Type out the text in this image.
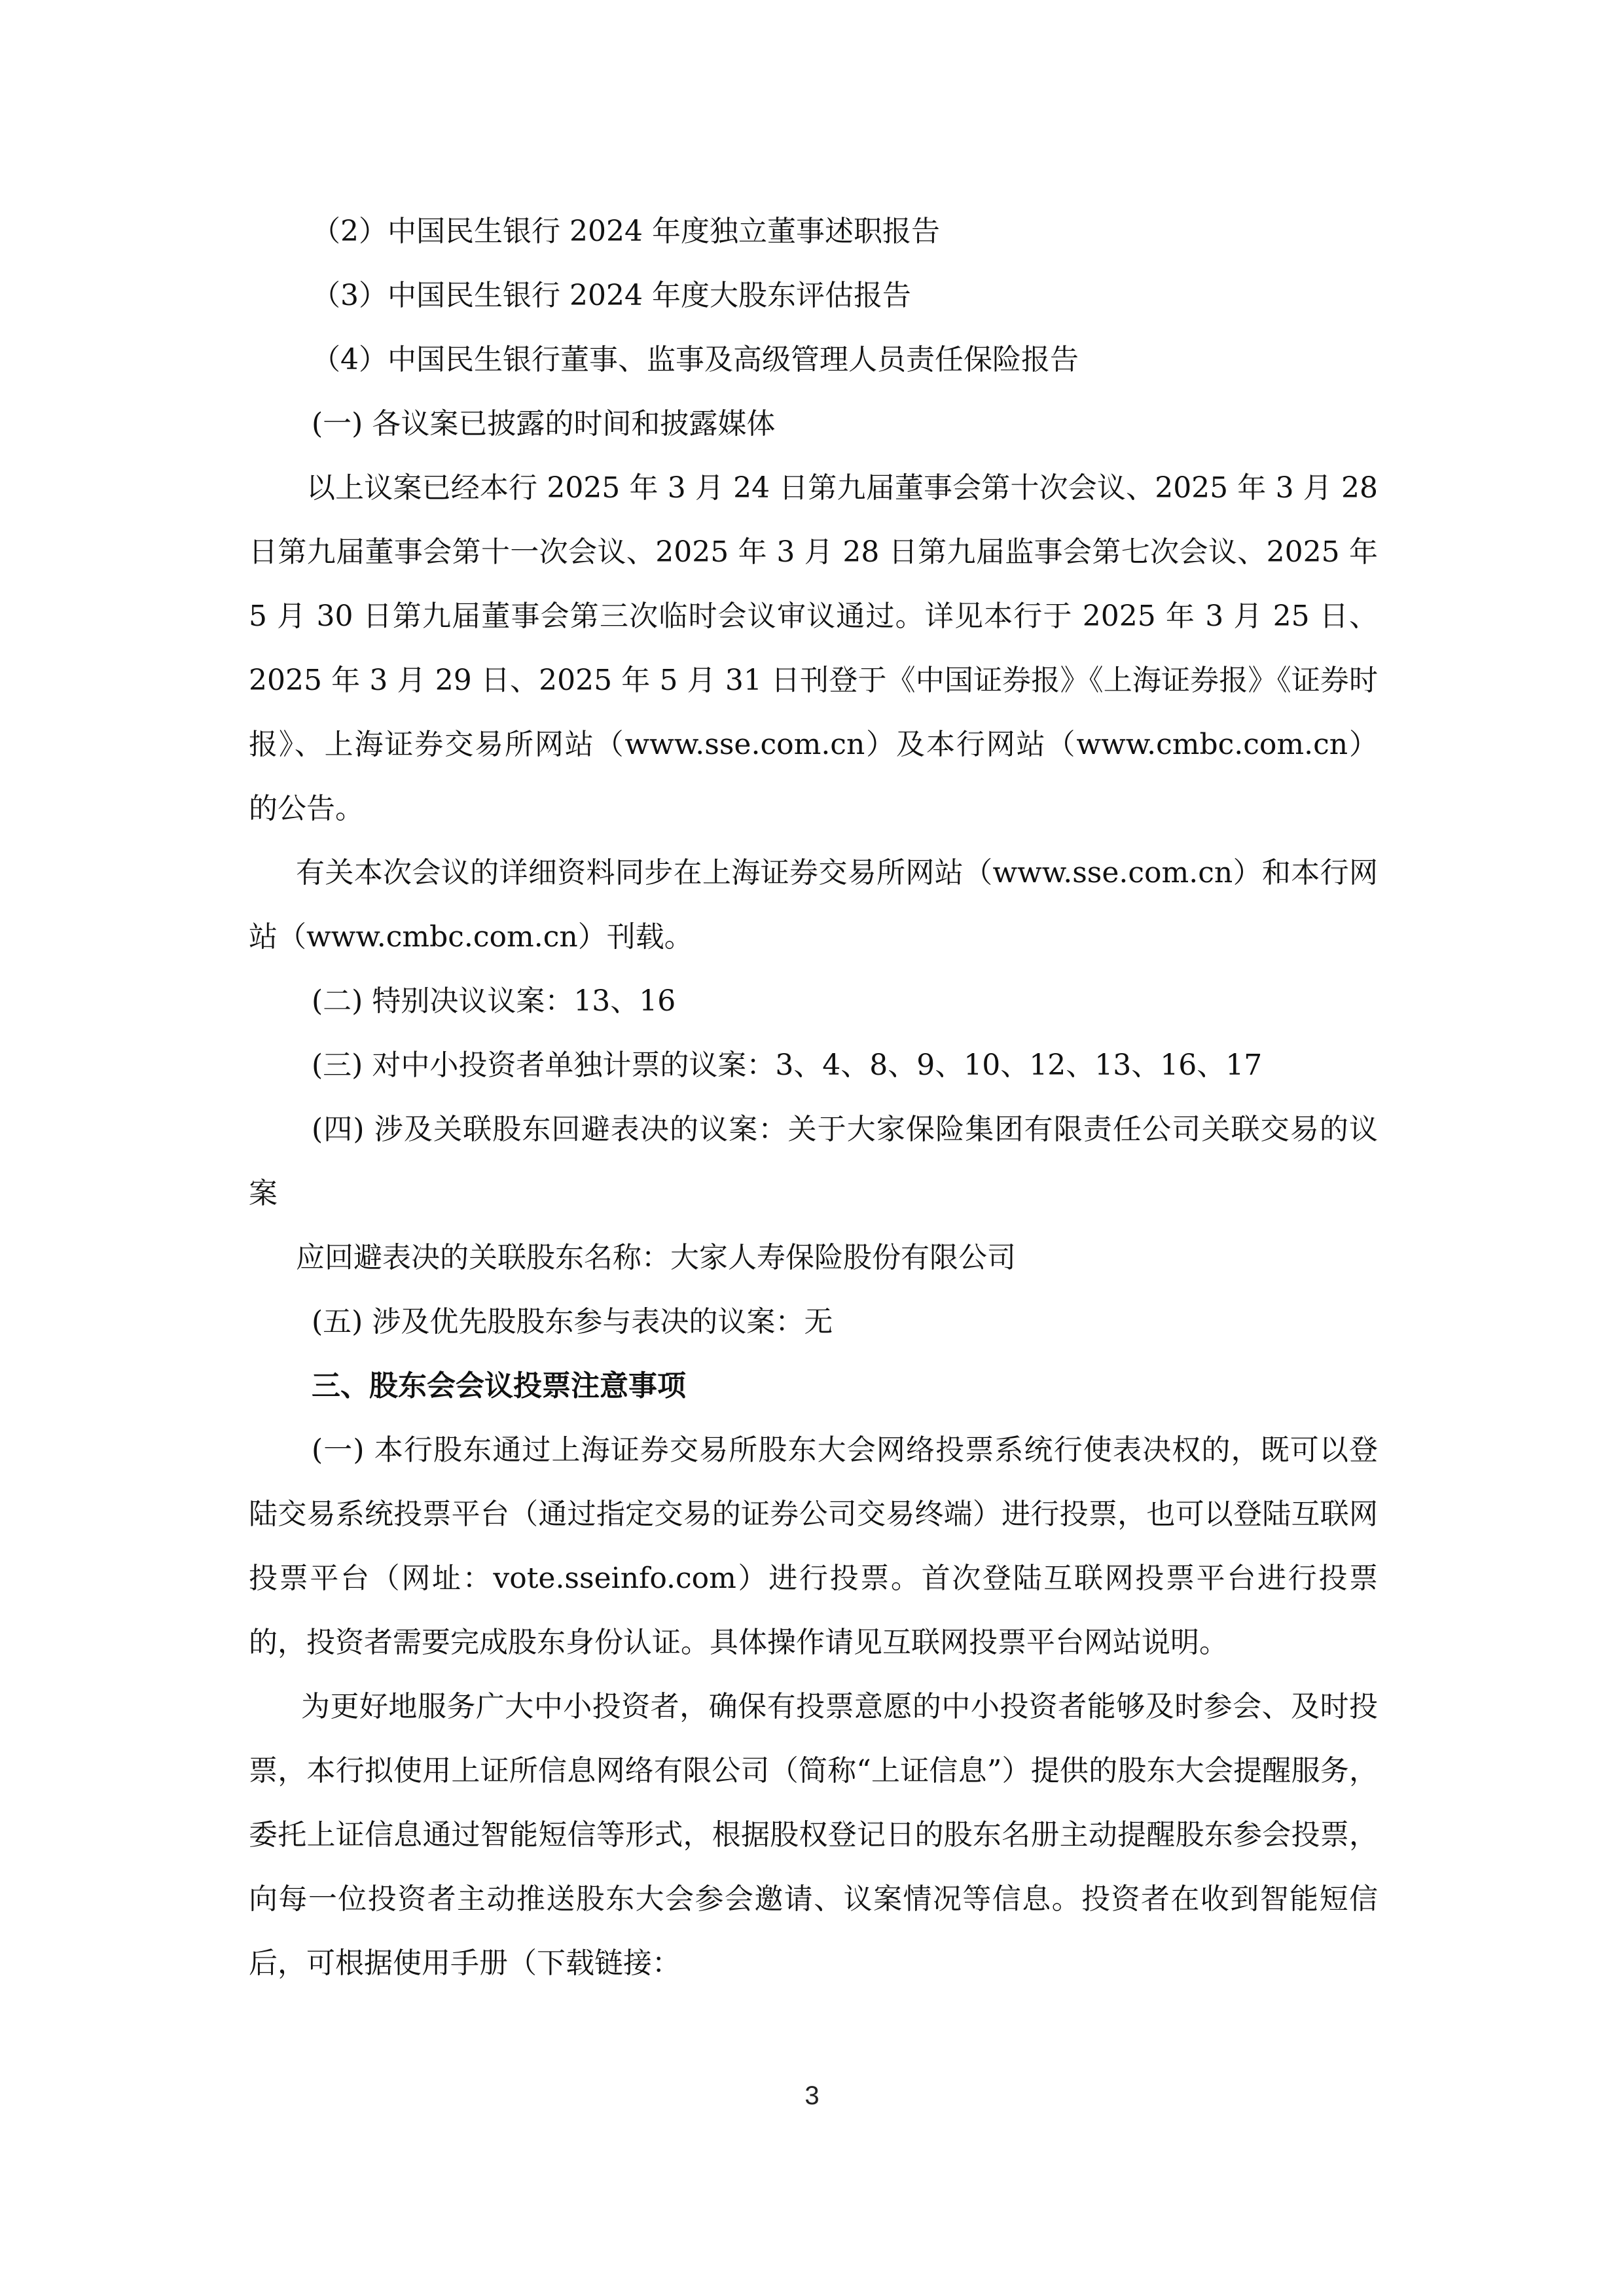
（2）中国民生银行 2024 年度独立董事述职报告

（3）中国民生银行 2024 年度大股东评估报告

（4）中国民生银行董事、监事及高级管理人员责任保险报告

(一) 各议案已披露的时间和披露媒体

以上议案已经本行 2025 年 3 月 24 日第九届董事会第十次会议、2025 年 3 月 28 日第九届董事会第十一次会议、2025 年 3 月 28 日第九届监事会第七次会议、2025 年 5 月 30 日第九届董事会第三次临时会议审议通过。详见本行于 2025 年 3 月 25 日、2025 年 3 月 29 日、2025 年 5 月 31 日刊登于《中国证券报》《上海证券报》《证券时报》、上海证券交易所网站（www.sse.com.cn）及本行网站（www.cmbc.com.cn）的公告。

有关本次会议的详细资料同步在上海证券交易所网站（www.sse.com.cn）和本行网站（www.cmbc.com.cn）刊载。

(二) 特别决议议案：13、16

(三) 对中小投资者单独计票的议案：3、4、8、9、10、12、13、16、17

(四) 涉及关联股东回避表决的议案：关于大家保险集团有限责任公司关联交易的议案

应回避表决的关联股东名称：大家人寿保险股份有限公司

(五) 涉及优先股股东参与表决的议案：无

三、股东会会议投票注意事项

(一) 本行股东通过上海证券交易所股东大会网络投票系统行使表决权的，既可以登陆交易系统投票平台（通过指定交易的证券公司交易终端）进行投票，也可以登陆互联网投票平台（网址：vote.sseinfo.com）进行投票。首次登陆互联网投票平台进行投票的，投资者需要完成股东身份认证。具体操作请见互联网投票平台网站说明。

为更好地服务广大中小投资者，确保有投票意愿的中小投资者能够及时参会、及时投票，本行拟使用上证所信息网络有限公司（简称“上证信息”）提供的股东大会提醒服务，委托上证信息通过智能短信等形式，根据股权登记日的股东名册主动提醒股东参会投票，向每一位投资者主动推送股东大会参会邀请、议案情况等信息。投资者在收到智能短信后，可根据使用手册（下载链接：

3
